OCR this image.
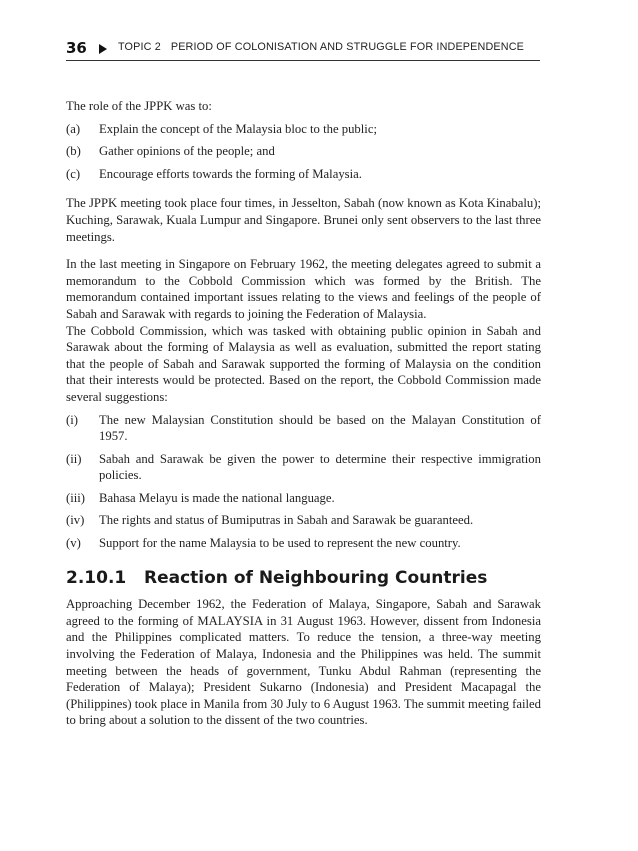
36	TOPIC 2 PERIOD OF COLONISATION AND STRUGGLE FOR INDEPENDENCE

The role of the JPPK was to:

(a)	Explain the concept of the Malaysia bloc to the public;
(b)	Gather opinions of the people; and
(c)	Encourage efforts towards the forming of Malaysia.

The JPPK meeting took place four times, in Jesselton, Sabah (now known as Kota Kinabalu); Kuching, Sarawak, Kuala Lumpur and Singapore. Brunei only sent observers to the last three meetings.

In the last meeting in Singapore on February 1962, the meeting delegates agreed to submit a memorandum to the Cobbold Commission which was formed by the British. The memorandum contained important issues relating to the views and feelings of the people of Sabah and Sarawak with regards to joining the Federation of Malaysia.

The Cobbold Commission, which was tasked with obtaining public opinion in Sabah and Sarawak about the forming of Malaysia as well as evaluation, submitted the report stating that the people of Sabah and Sarawak supported the forming of Malaysia on the condition that their interests would be protected. Based on the report, the Cobbold Commission made several suggestions:

(i)	The new Malaysian Constitution should be based on the Malayan Constitution of 1957.
(ii)	Sabah and Sarawak be given the power to determine their respective immigration policies.
(iii)	Bahasa Melayu is made the national language.
(iv)	The rights and status of Bumiputras in Sabah and Sarawak be guaranteed.
(v)	Support for the name Malaysia to be used to represent the new country.
2.10.1	Reaction of Neighbouring Countries

Approaching December 1962, the Federation of Malaya, Singapore, Sabah and Sarawak agreed to the forming of MALAYSIA in 31 August 1963. However, dissent from Indonesia and the Philippines complicated matters. To reduce the tension, a three-way meeting involving the Federation of Malaya, Indonesia and the Philippines was held. The summit meeting between the heads of government, Tunku Abdul Rahman (representing the Federation of Malaya); President Sukarno (Indonesia) and President Macapagal the (Philippines) took place in Manila from 30 July to 6 August 1963. The summit meeting failed to bring about a solution to the dissent of the two countries.
